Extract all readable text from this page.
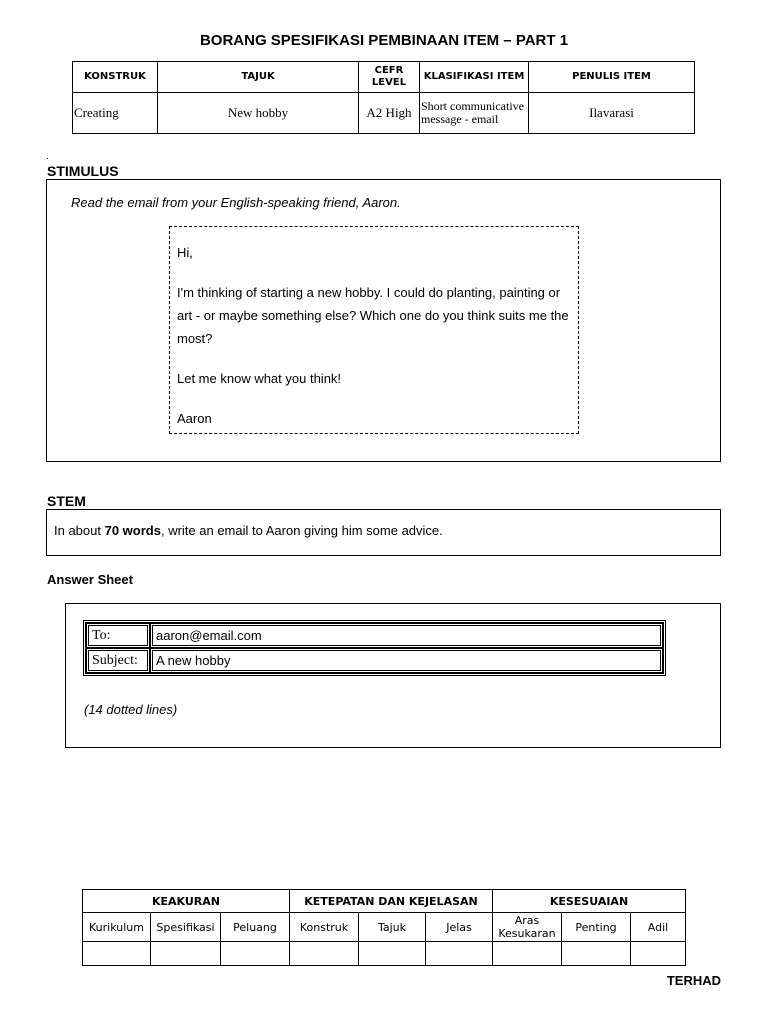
BORANG SPESIFIKASI PEMBINAAN ITEM – PART 1
KONSTRUK	TAJUK	CEFR LEVEL	KLASIFIKASI ITEM	PENULIS ITEM
Creating	New hobby	A2 High	Short communicative message - email	Ilavarasi
.
STIMULUS
Read the email from your English-speaking friend, Aaron.

Hi,

I'm thinking of starting a new hobby. I could do planting, painting or art - or maybe something else? Which one do you think suits me the most?

Let me know what you think!

Aaron

STEM
In about 70 words, write an email to Aaron giving him some advice.
Answer Sheet
To:	aaron@email.com
Subject:	A new hobby
(14 dotted lines)
KEAKURAN			KETEPATAN DAN KEJELASAN			KESESUAIAN		
Kurikulum	Spesifikasi	Peluang	Konstruk	Tajuk	Jelas	Aras Kesukaran	Penting	Adil

TERHAD
